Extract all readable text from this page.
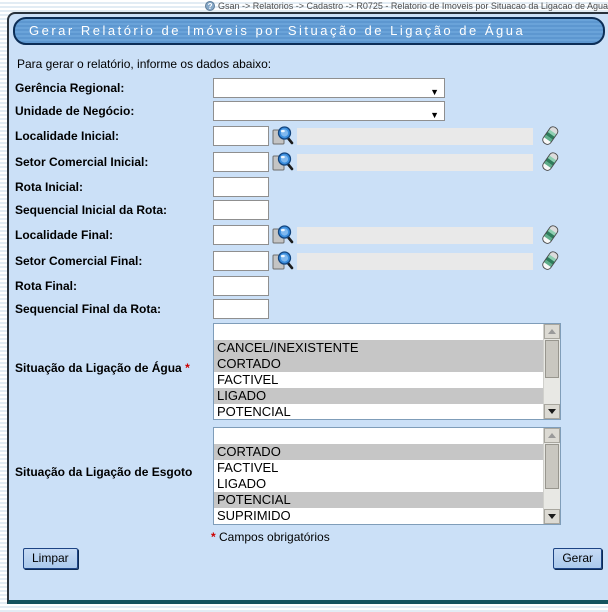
? Gsan -> Relatorios -> Cadastro -> R0725 - Relatorio de Imoveis por Situacao da Ligacao de Agua
Gerar Relatório de Imóveis por Situação de Ligação de Água
Para gerar o relatório, informe os dados abaixo:
Gerência Regional:	▼
Unidade de Negócio:	▼
Localidade Inicial:
Setor Comercial Inicial:
Rota Inicial:
Sequencial Inicial da Rota:
Localidade Final:
Setor Comercial Final:
Rota Final:
Sequencial Final da Rota:
Situação da Ligação de Água *
CANCEL/INEXISTENTE
CORTADO
FACTIVEL
LIGADO
POTENCIAL
Situação da Ligação de Esgoto
CORTADO
FACTIVEL
LIGADO
POTENCIAL
SUPRIMIDO
* Campos obrigatórios
Limpar	Gerar
